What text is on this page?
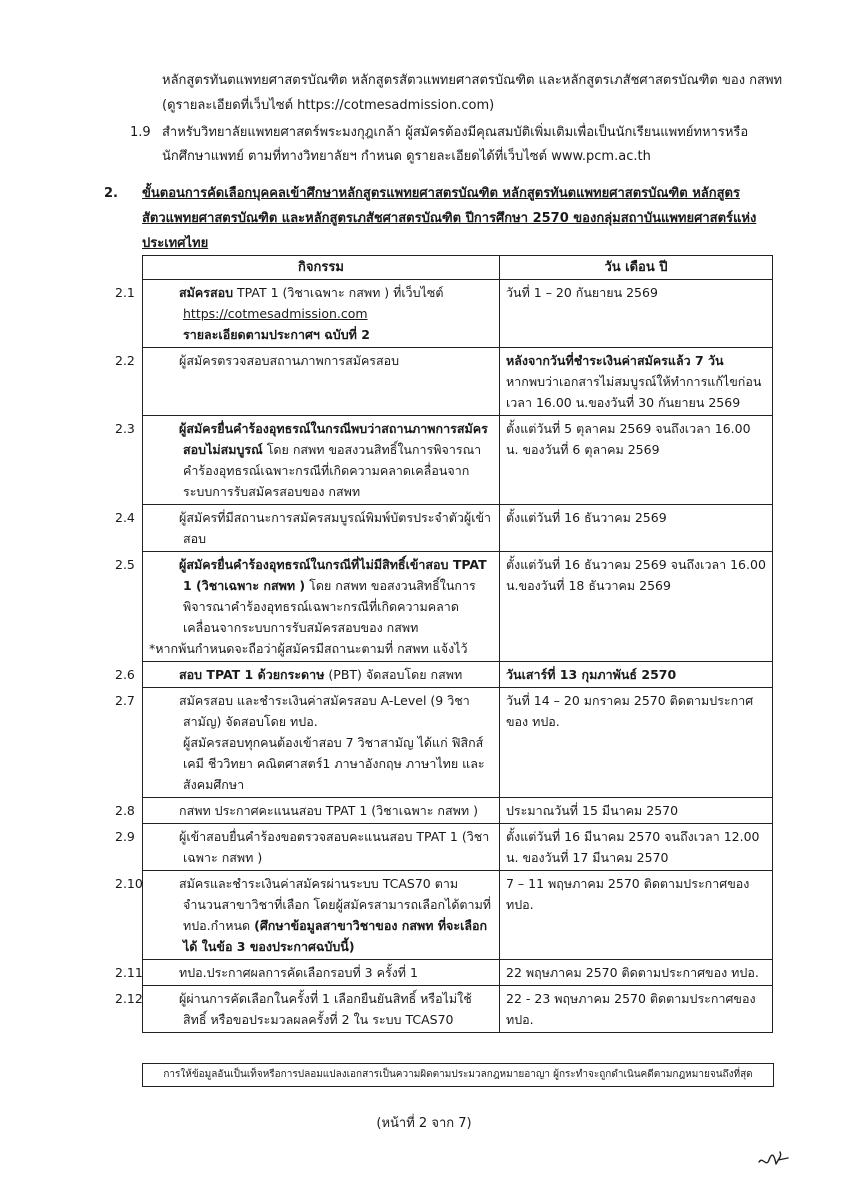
หลักสูตรทันตแพทยศาสตรบัณฑิต หลักสูตรสัตวแพทยศาสตรบัณฑิต และหลักสูตรเภสัชศาสตรบัณฑิต ของ กสพท
(ดูรายละเอียดที่เว็บไซต์ https://cotmesadmission.com)
1.9 สำหรับวิทยาลัยแพทยศาสตร์พระมงกุฎเกล้า ผู้สมัครต้องมีคุณสมบัติเพิ่มเติมเพื่อเป็นนักเรียนแพทย์ทหารหรือ
นักศึกษาแพทย์ ตามที่ทางวิทยาลัยฯ กำหนด ดูรายละเอียดได้ที่เว็บไซต์ www.pcm.ac.th
2. ขั้นตอนการคัดเลือกบุคคลเข้าศึกษาหลักสูตรแพทยศาสตรบัณฑิต หลักสูตรทันตแพทยศาสตรบัณฑิต หลักสูตร
สัตวแพทยศาสตรบัณฑิต และหลักสูตรเภสัชศาสตรบัณฑิต ปีการศึกษา 2570 ของกลุ่มสถาบันแพทยศาสตร์แห่ง
ประเทศไทย
กิจกรรม	วัน เดือน ปี

2.1 สมัครสอบ TPAT 1 (วิชาเฉพาะ กสพท ) ที่เว็บไซต์
https://cotmesadmission.com
รายละเอียดตามประกาศฯ ฉบับที่ 2	วันที่ 1 – 20 กันยายน 2569

2.2 ผู้สมัครตรวจสอบสถานภาพการสมัครสอบ	หลังจากวันที่ชำระเงินค่าสมัครแล้ว 7 วัน
หากพบว่าเอกสารไม่สมบูรณ์ให้ทำการแก้ไขก่อน เวลา 16.00 น.ของวันที่ 30 กันยายน 2569

2.3 ผู้สมัครยื่นคำร้องอุทธรณ์ในกรณีพบว่าสถานภาพการสมัครสอบไม่สมบูรณ์ โดย กสพท ขอสงวนสิทธิ์ในการพิจารณาคำร้องอุทธรณ์เฉพาะกรณีที่เกิดความคลาดเคลื่อนจากระบบการรับสมัครสอบของ กสพท	ตั้งแต่วันที่ 5 ตุลาคม 2569 จนถึงเวลา 16.00 น. ของวันที่ 6 ตุลาคม 2569

2.4 ผู้สมัครที่มีสถานะการสมัครสมบูรณ์พิมพ์บัตรประจำตัวผู้เข้าสอบ	ตั้งแต่วันที่ 16 ธันวาคม 2569

2.5 ผู้สมัครยื่นคำร้องอุทธรณ์ในกรณีที่ไม่มีสิทธิ์เข้าสอบ TPAT 1 (วิชาเฉพาะ กสพท ) โดย กสพท ขอสงวนสิทธิ์ในการพิจารณาคำร้องอุทธรณ์เฉพาะกรณีที่เกิดความคลาดเคลื่อนจากระบบการรับสมัครสอบของ กสพท
*หากพ้นกำหนดจะถือว่าผู้สมัครมีสถานะตามที่ กสพท แจ้งไว้	ตั้งแต่วันที่ 16 ธันวาคม 2569 จนถึงเวลา 16.00 น.ของวันที่ 18 ธันวาคม 2569

2.6 สอบ TPAT 1 ด้วยกระดาษ (PBT) จัดสอบโดย กสพท	วันเสาร์ที่ 13 กุมภาพันธ์ 2570

2.7 สมัครสอบ และชำระเงินค่าสมัครสอบ A-Level (9 วิชาสามัญ) จัดสอบโดย ทปอ.
ผู้สมัครสอบทุกคนต้องเข้าสอบ 7 วิชาสามัญ ได้แก่ ฟิสิกส์ เคมี ชีววิทยา คณิตศาสตร์1 ภาษาอังกฤษ ภาษาไทย และสังคมศึกษา	วันที่ 14 – 20 มกราคม 2570 ติดตามประกาศของ ทปอ.

2.8 กสพท ประกาศคะแนนสอบ TPAT 1 (วิชาเฉพาะ กสพท )	ประมาณวันที่ 15 มีนาคม 2570

2.9 ผู้เข้าสอบยื่นคำร้องขอตรวจสอบคะแนนสอบ TPAT 1 (วิชาเฉพาะ กสพท )	ตั้งแต่วันที่ 16 มีนาคม 2570 จนถึงเวลา 12.00 น. ของวันที่ 17 มีนาคม 2570

2.10 สมัครและชำระเงินค่าสมัครผ่านระบบ TCAS70 ตามจำนวนสาขาวิชาที่เลือก โดยผู้สมัครสามารถเลือกได้ตามที่ ทปอ.กำหนด (ศึกษาข้อมูลสาขาวิชาของ กสพท ที่จะเลือกได้ ในข้อ 3 ของประกาศฉบับนี้)	7 – 11 พฤษภาคม 2570 ติดตามประกาศของ ทปอ.

2.11 ทปอ.ประกาศผลการคัดเลือกรอบที่ 3 ครั้งที่ 1	22 พฤษภาคม 2570 ติดตามประกาศของ ทปอ.

2.12 ผู้ผ่านการคัดเลือกในครั้งที่ 1 เลือกยืนยันสิทธิ์ หรือไม่ใช้สิทธิ์ หรือขอประมวลผลครั้งที่ 2 ใน ระบบ TCAS70	22 - 23 พฤษภาคม 2570 ติดตามประกาศของ ทปอ.
การให้ข้อมูลอันเป็นเท็จหรือการปลอมแปลงเอกสารเป็นความผิดตามประมวลกฎหมายอาญา ผู้กระทำจะถูกดำเนินคดีตามกฎหมายจนถึงที่สุด
(หน้าที่ 2 จาก 7)
